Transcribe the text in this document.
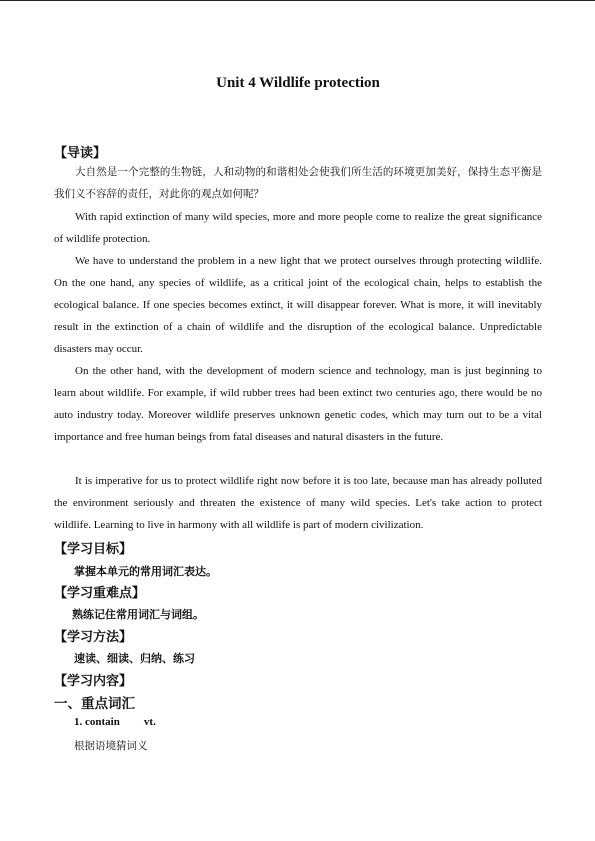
Unit 4 Wildlife protection
【导读】
大自然是一个完整的生物链，人和动物的和谐相处会使我们所生活的环境更加美好，保持生态平衡是我们义不容辞的责任，对此你的观点如何呢？
With rapid extinction of many wild species, more and more people come to realize the great significance of wildlife protection.
We have to understand the problem in a new light that we protect ourselves through protecting wildlife. On the one hand, any species of wildlife, as a critical joint of the ecological chain, helps to establish the ecological balance. If one species becomes extinct, it will disappear forever. What is more, it will inevitably result in the extinction of a chain of wildlife and the disruption of the ecological balance. Unpredictable disasters may occur.
On the other hand, with the development of modern science and technology, man is just beginning to learn about wildlife. For example, if wild rubber trees had been extinct two centuries ago, there would be no auto industry today. Moreover wildlife preserves unknown genetic codes, which may turn out to be a vital importance and free human beings from fatal diseases and natural disasters in the future.
It is imperative for us to protect wildlife right now before it is too late, because man has already polluted the environment seriously and threaten the existence of many wild species. Let's take action to protect wildlife. Learning to live in harmony with all wildlife is part of modern civilization.
【学习目标】
掌握本单元的常用词汇表达。
【学习重难点】
熟练记住常用词汇与词组。
【学习方法】
速读、细读、归纳、练习
【学习内容】
一、重点词汇
1. contain vt.
根据语境猜词义
